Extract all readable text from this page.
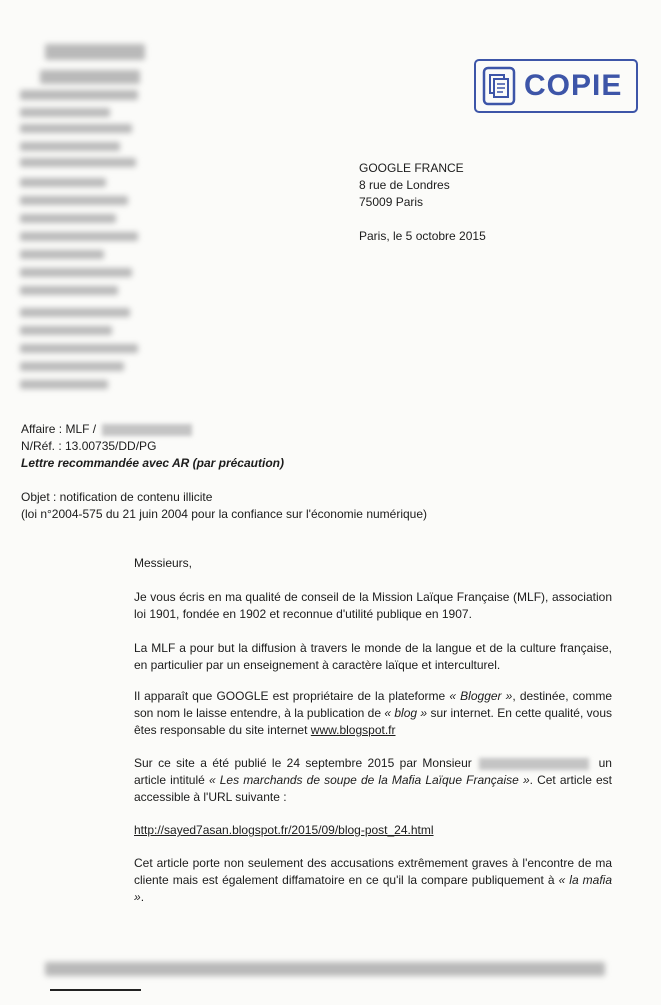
COPIE
GOOGLE FRANCE
8 rue de Londres
75009 Paris
Paris, le 5 octobre 2015
Affaire : MLF /
N/Réf. : 13.00735/DD/PG
Lettre recommandée avec AR (par précaution)
Objet : notification de contenu illicite
(loi n°2004-575 du 21 juin 2004 pour la confiance sur l'économie numérique)
Messieurs,

Je vous écris en ma qualité de conseil de la Mission Laïque Française (MLF), association loi 1901, fondée en 1902 et reconnue d'utilité publique en 1907.

La MLF a pour but la diffusion à travers le monde de la langue et de la culture française, en particulier par un enseignement à caractère laïque et interculturel.

Il apparaît que GOOGLE est propriétaire de la plateforme « Blogger », destinée, comme son nom le laisse entendre, à la publication de « blog » sur internet. En cette qualité, vous êtes responsable du site internet www.blogspot.fr

Sur ce site a été publié le 24 septembre 2015 par Monsieur	un article intitulé « Les marchands de soupe de la Mafia Laïque Française ». Cet article est accessible à l'URL suivante :

http://sayed7asan.blogspot.fr/2015/09/blog-post_24.html

Cet article porte non seulement des accusations extrêmement graves à l'encontre de ma cliente mais est également diffamatoire en ce qu'il la compare publiquement à « la mafia ».
